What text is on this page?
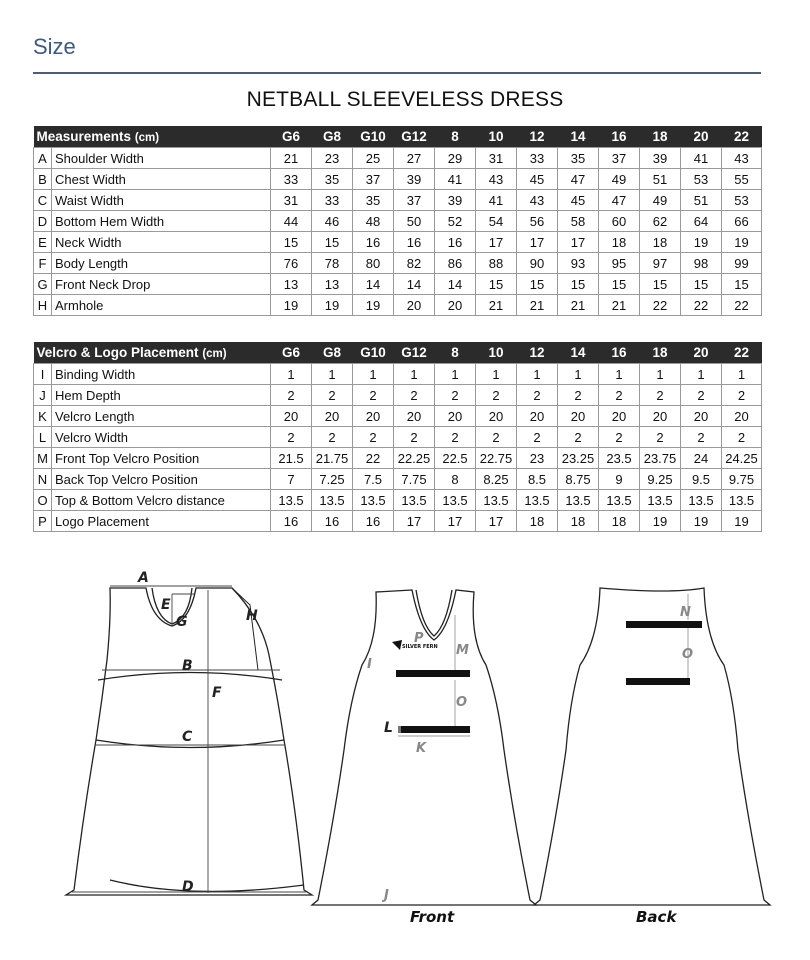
Size
NETBALL SLEEVELESS DRESS
Measurements (cm)		G6	G8	G10	G12	8	10	12	14	16	18	20	22
A	Shoulder Width	21	23	25	27	29	31	33	35	37	39	41	43
B	Chest Width	33	35	37	39	41	43	45	47	49	51	53	55
C	Waist Width	31	33	35	37	39	41	43	45	47	49	51	53
D	Bottom Hem Width	44	46	48	50	52	54	56	58	60	62	64	66
E	Neck Width	15	15	16	16	16	17	17	17	18	18	19	19
F	Body Length	76	78	80	82	86	88	90	93	95	97	98	99
G	Front Neck Drop	13	13	14	14	14	15	15	15	15	15	15	15
H	Armhole	19	19	19	20	20	21	21	21	21	22	22	22
Velcro & Logo Placement (cm)		G6	G8	G10	G12	8	10	12	14	16	18	20	22
I	Binding Width	1	1	1	1	1	1	1	1	1	1	1	1
J	Hem Depth	2	2	2	2	2	2	2	2	2	2	2	2
K	Velcro Length	20	20	20	20	20	20	20	20	20	20	20	20
L	Velcro Width	2	2	2	2	2	2	2	2	2	2	2	2
M	Front Top Velcro Position	21.5	21.75	22	22.25	22.5	22.75	23	23.25	23.5	23.75	24	24.25
N	Back Top Velcro Position	7	7.25	7.5	7.75	8	8.25	8.5	8.75	9	9.25	9.5	9.75
O	Top & Bottom Velcro distance	13.5	13.5	13.5	13.5	13.5	13.5	13.5	13.5	13.5	13.5	13.5	13.5
P	Logo Placement	16	16	16	17	17	17	18	18	18	19	19	19
A
E
G	H
B
F
C
D
SILVER FERN
P
M
I
O
L
K
J
Front
N
O
Back
